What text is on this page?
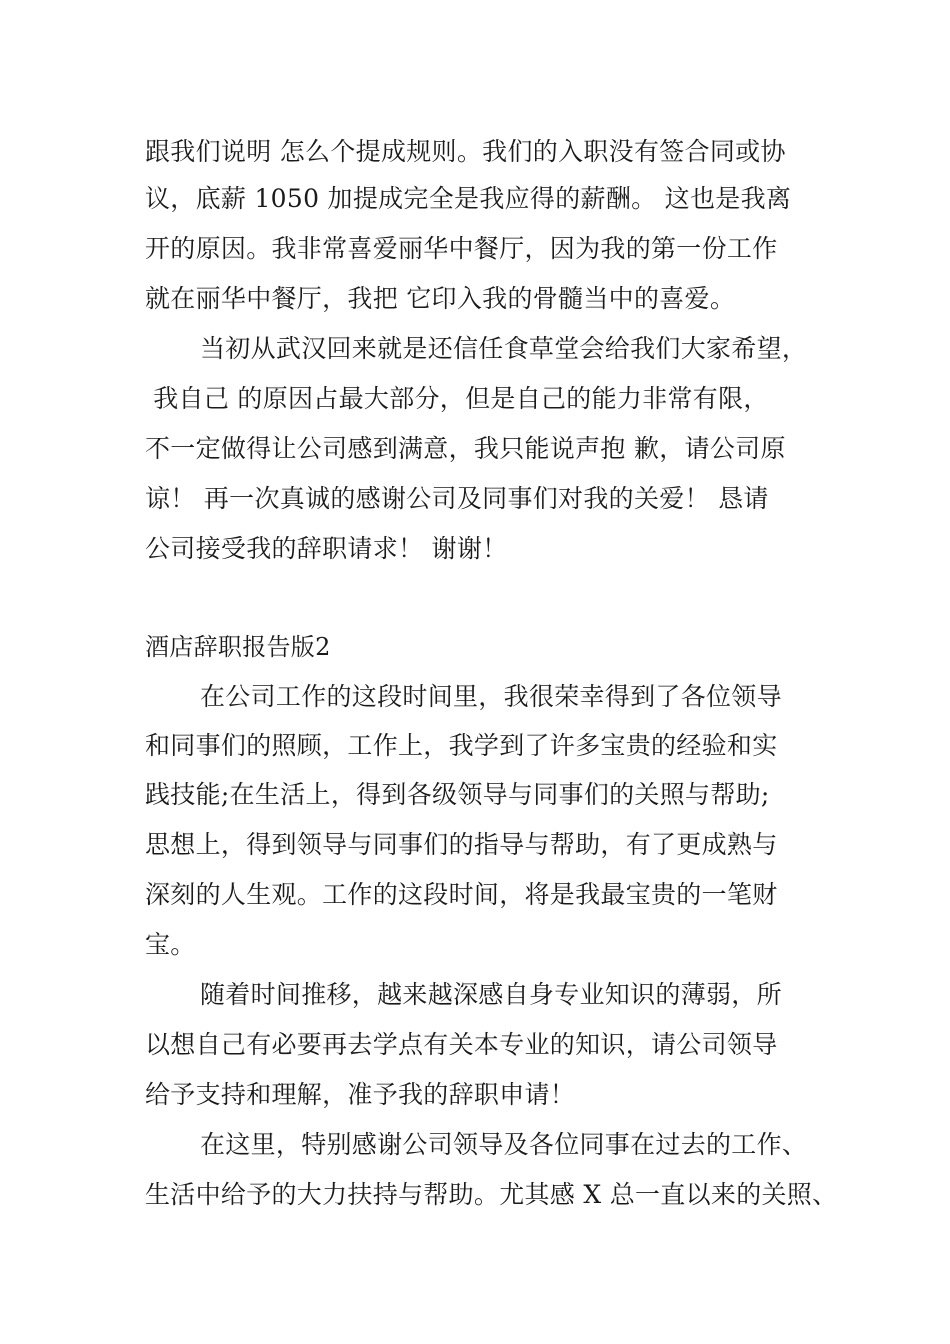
跟我们说明 怎么个提成规则。我们的入职没有签合同或协
议，底薪 1050 加提成完全是我应得的薪酬。 这也是我离
开的原因。我非常喜爱丽华中餐厅，因为我的第一份工作
就在丽华中餐厅，我把 它印入我的骨髓当中的喜爱。
当初从武汉回来就是还信任食草堂会给我们大家希望，
我自己 的原因占最大部分，但是自己的能力非常有限，
不一定做得让公司感到满意，我只能说声抱 歉，请公司原
谅！ 再一次真诚的感谢公司及同事们对我的关爱！ 恳请
公司接受我的辞职请求！ 谢谢！
酒店辞职报告版2
在公司工作的这段时间里，我很荣幸得到了各位领导
和同事们的照顾，工作上，我学到了许多宝贵的经验和实
践技能;在生活上，得到各级领导与同事们的关照与帮助;
思想上，得到领导与同事们的指导与帮助，有了更成熟与
深刻的人生观。工作的这段时间，将是我最宝贵的一笔财
宝。
随着时间推移，越来越深感自身专业知识的薄弱，所
以想自己有必要再去学点有关本专业的知识，请公司领导
给予支持和理解，准予我的辞职申请！
在这里，特别感谢公司领导及各位同事在过去的工作、
生活中给予的大力扶持与帮助。尤其感 X 总一直以来的关照、
